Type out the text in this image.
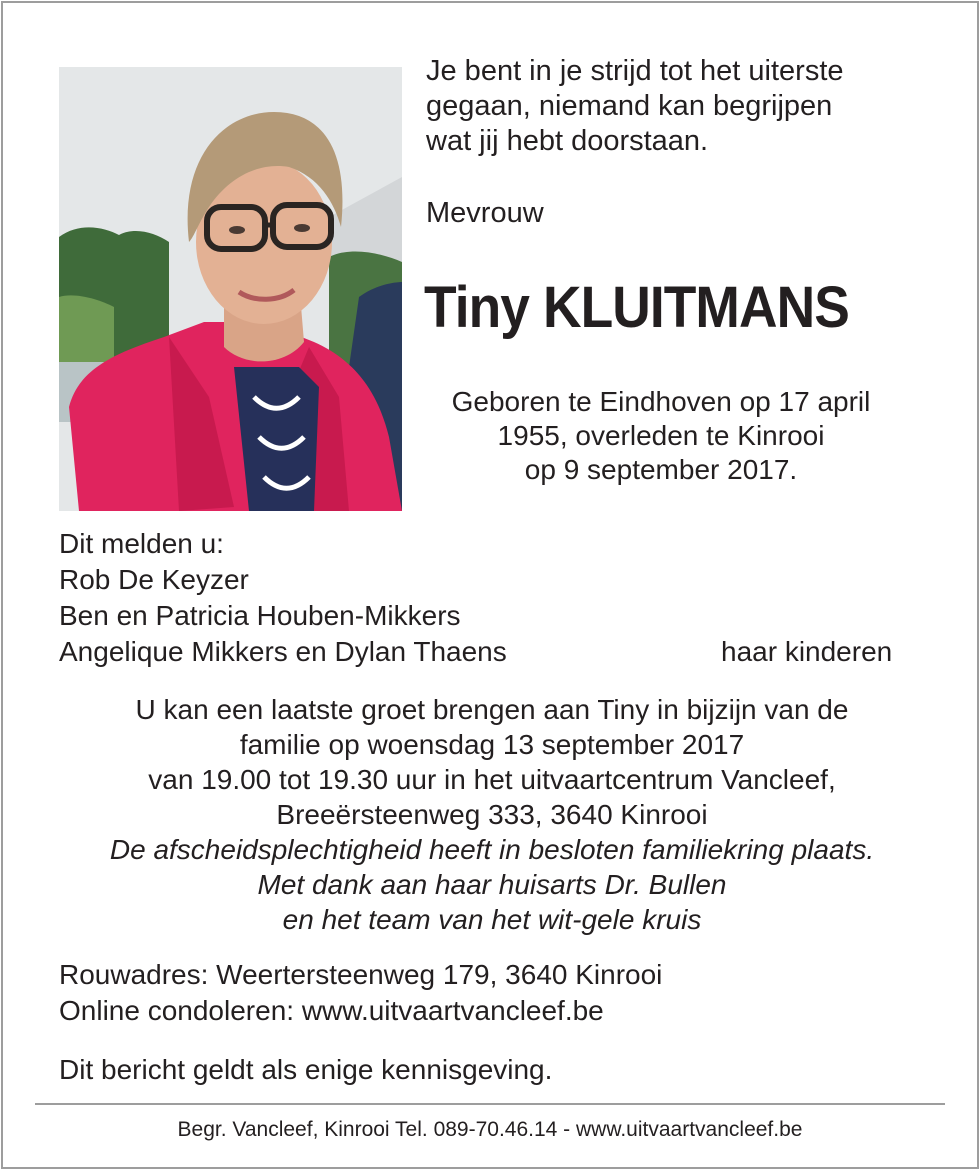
Je bent in je strijd tot het uiterste
gegaan, niemand kan begrijpen
wat jij hebt doorstaan.
Mevrouw
Tiny KLUITMANS
Geboren te Eindhoven op 17 april
1955, overleden te Kinrooi
op 9 september 2017.
Dit melden u:
Rob De Keyzer
Ben en Patricia Houben-Mikkers
Angelique Mikkers en Dylan Thaens	haar kinderen
U kan een laatste groet brengen aan Tiny in bijzijn van de
familie op woensdag 13 september 2017
van 19.00 tot 19.30 uur in het uitvaartcentrum Vancleef,
Breeërsteenweg 333, 3640 Kinrooi
De afscheidsplechtigheid heeft in besloten familiekring plaats.
Met dank aan haar huisarts Dr. Bullen
en het team van het wit-gele kruis
Rouwadres: Weertersteenweg 179, 3640 Kinrooi
Online condoleren: www.uitvaartvancleef.be
Dit bericht geldt als enige kennisgeving.
Begr. Vancleef, Kinrooi Tel. 089-70.46.14 - www.uitvaartvancleef.be
